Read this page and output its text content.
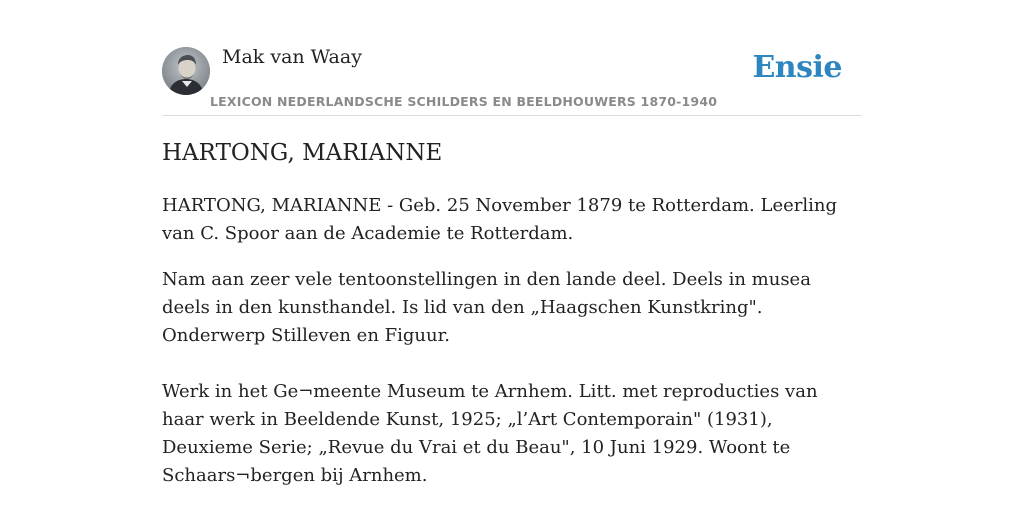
Mak van Waay
LEXICON NEDERLANDSCHE SCHILDERS EN BEELDHOUWERS 1870-1940
Ensie
HARTONG, MARIANNE

HARTONG, MARIANNE - Geb. 25 November 1879 te Rotterdam. Leerling van C. Spoor aan de Academie te Rotterdam.

Nam aan zeer vele tentoonstellingen in den lande deel. Deels in musea deels in den kunsthandel. Is lid van den „Haagschen Kunstkring". Onderwerp Stilleven en Figuur.

Werk in het Ge¬meente Museum te Arnhem. Litt. met reproducties van haar werk in Beeldende Kunst, 1925; „l’Art Contemporain" (1931), Deuxieme Serie; „Revue du Vrai et du Beau", 10 Juni 1929. Woont te Schaars¬bergen bij Arnhem.
